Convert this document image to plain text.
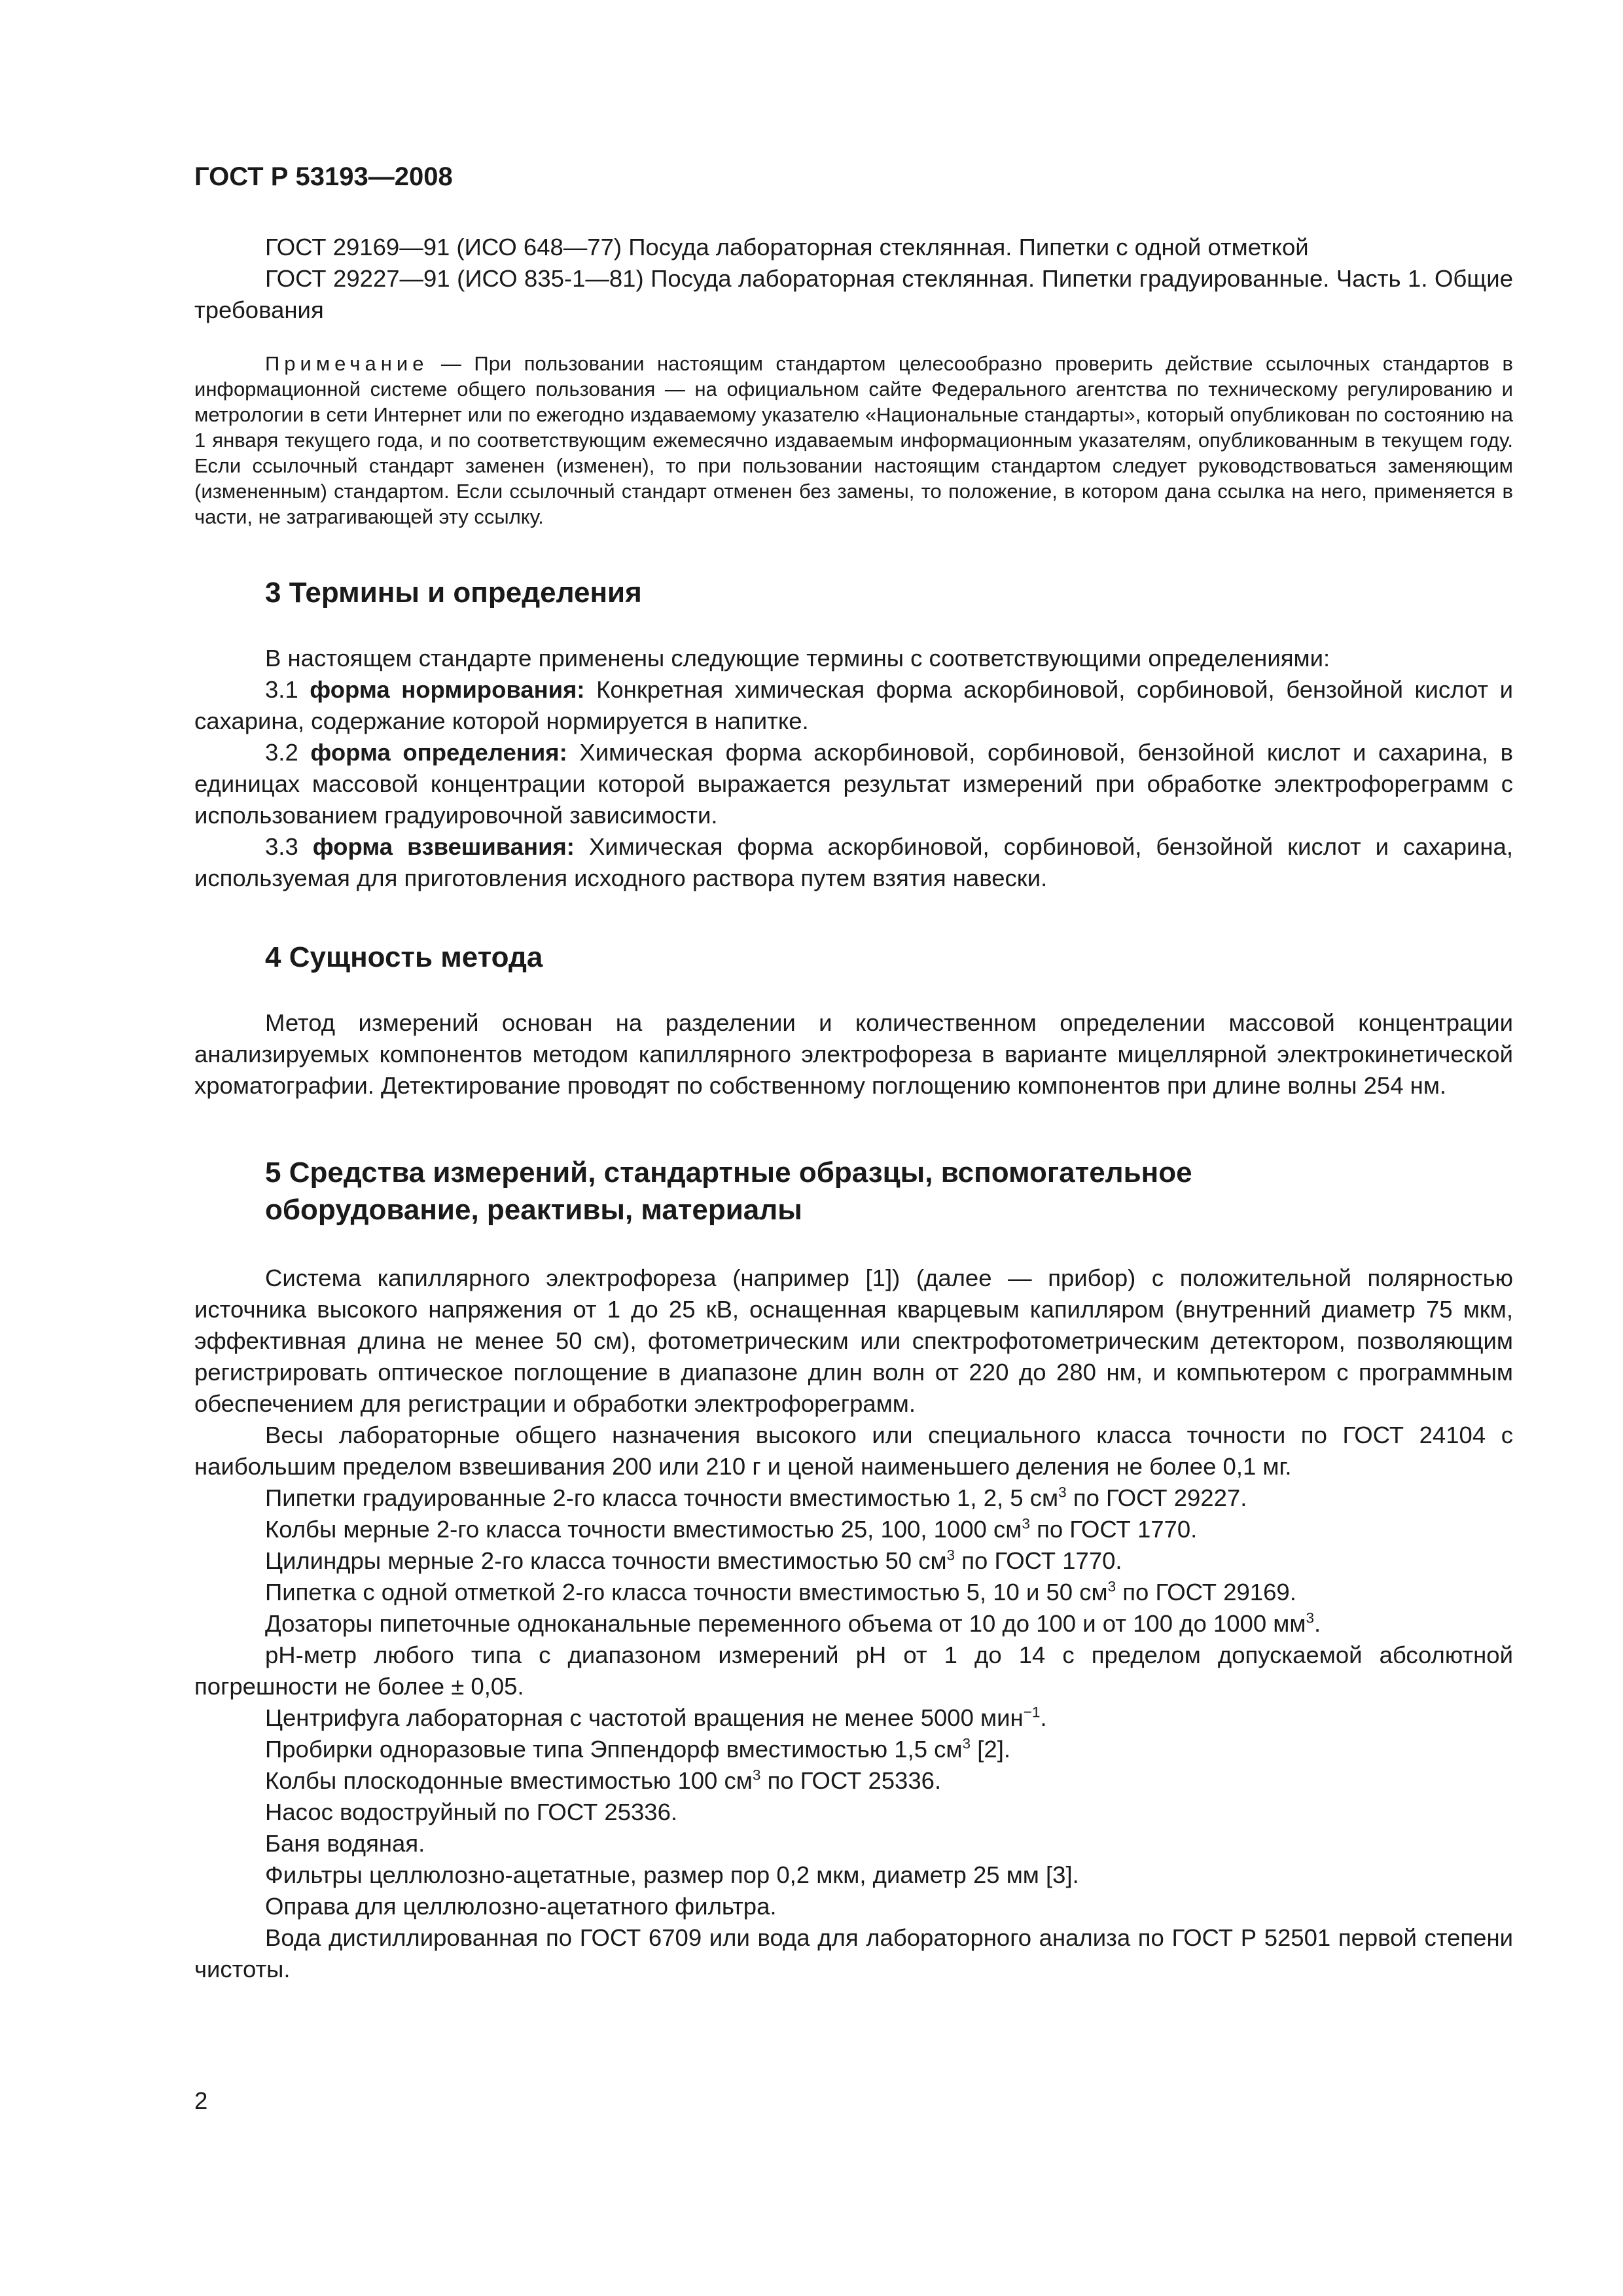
ГОСТ Р 53193—2008

ГОСТ 29169—91 (ИСО 648—77) Посуда лабораторная стеклянная. Пипетки с одной отметкой

ГОСТ 29227—91 (ИСО 835-1—81) Посуда лабораторная стеклянная. Пипетки градуированные. Часть 1. Общие требования

Примечание — При пользовании настоящим стандартом целесообразно проверить действие ссылочных стандартов в информационной системе общего пользования — на официальном сайте Федерального агентства по техническому регулированию и метрологии в сети Интернет или по ежегодно издаваемому указателю «Национальные стандарты», который опубликован по состоянию на 1 января текущего года, и по соответствующим ежемесячно издаваемым информационным указателям, опубликованным в текущем году. Если ссылочный стандарт заменен (изменен), то при пользовании настоящим стандартом следует руководствоваться заменяющим (измененным) стандартом. Если ссылочный стандарт отменен без замены, то положение, в котором дана ссылка на него, применяется в части, не затрагивающей эту ссылку.

3 Термины и определения

В настоящем стандарте применены следующие термины с соответствующими определениями:

3.1 форма нормирования: Конкретная химическая форма аскорбиновой, сорбиновой, бензойной кислот и сахарина, содержание которой нормируется в напитке.

3.2 форма определения: Химическая форма аскорбиновой, сорбиновой, бензойной кислот и сахарина, в единицах массовой концентрации которой выражается результат измерений при обработке электрофореграмм с использованием градуировочной зависимости.

3.3 форма взвешивания: Химическая форма аскорбиновой, сорбиновой, бензойной кислот и сахарина, используемая для приготовления исходного раствора путем взятия навески.

4 Сущность метода

Метод измерений основан на разделении и количественном определении массовой концентрации анализируемых компонентов методом капиллярного электрофореза в варианте мицеллярной электрокинетической хроматографии. Детектирование проводят по собственному поглощению компонентов при длине волны 254 нм.

5 Средства измерений, стандартные образцы, вспомогательное
оборудование, реактивы, материалы

Система капиллярного электрофореза (например [1]) (далее — прибор) с положительной полярностью источника высокого напряжения от 1 до 25 кВ, оснащенная кварцевым капилляром (внутренний диаметр 75 мкм, эффективная длина не менее 50 см), фотометрическим или спектрофотометрическим детектором, позволяющим регистрировать оптическое поглощение в диапазоне длин волн от 220 до 280 нм, и компьютером с программным обеспечением для регистрации и обработки электрофореграмм.

Весы лабораторные общего назначения высокого или специального класса точности по ГОСТ 24104 с наибольшим пределом взвешивания 200 или 210 г и ценой наименьшего деления не более 0,1 мг.

Пипетки градуированные 2-го класса точности вместимостью 1, 2, 5 $см^3$ по ГОСТ 29227.

Колбы мерные 2-го класса точности вместимостью 25, 100, 1000 $см^3$ по ГОСТ 1770.

Цилиндры мерные 2-го класса точности вместимостью 50 $см^3$ по ГОСТ 1770.

Пипетка с одной отметкой 2-го класса точности вместимостью 5, 10 и 50 $см^3$ по ГОСТ 29169.

Дозаторы пипеточные одноканальные переменного объема от 10 до 100 и от 100 до 1000 $мм^3$.

рН-метр любого типа с диапазоном измерений рН от 1 до 14 с пределом допускаемой абсолютной погрешности не более ± 0,05.

Центрифуга лабораторная с частотой вращения не менее 5000 мин$^{-1}$.

Пробирки одноразовые типа Эппендорф вместимостью 1,5 $см^3$ [2].

Колбы плоскодонные вместимостью 100 $см^3$ по ГОСТ 25336.

Насос водоструйный по ГОСТ 25336.

Баня водяная.

Фильтры целлюлозно-ацетатные, размер пор 0,2 мкм, диаметр 25 мм [3].

Оправа для целлюлозно-ацетатного фильтра.

Вода дистиллированная по ГОСТ 6709 или вода для лабораторного анализа по ГОСТ Р 52501 первой степени чистоты.

2
